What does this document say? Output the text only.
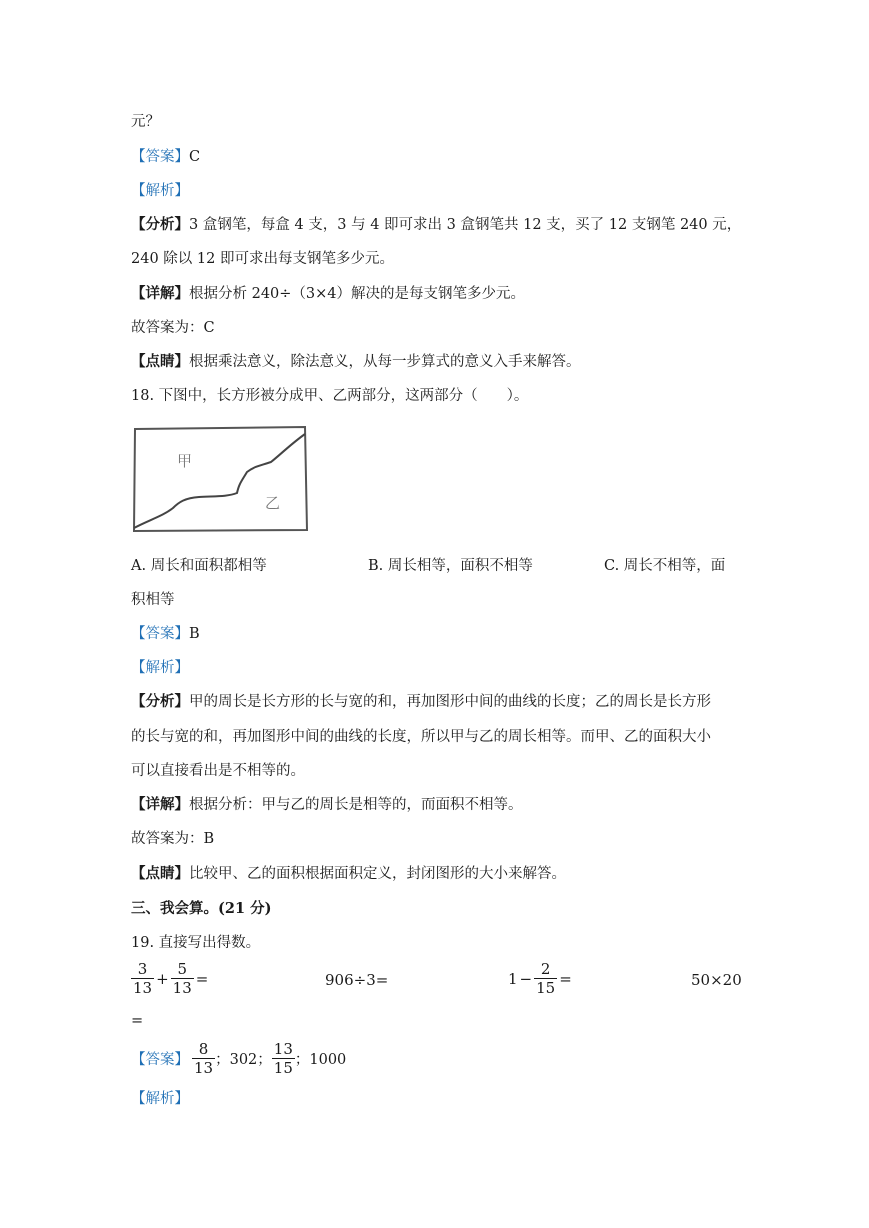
元？
【答案】C
【解析】
【分析】3 盒钢笔，每盒 4 支，3 与 4 即可求出 3 盒钢笔共 12 支，买了 12 支钢笔 240 元，
240 除以 12 即可求出每支钢笔多少元。
【详解】根据分析 240÷（3×4）解决的是每支钢笔多少元。
故答案为：C
【点睛】根据乘法意义，除法意义，从每一步算式的意义入手来解答。
18. 下图中，长方形被分成甲、乙两部分，这两部分（　　）。
甲
乙
A. 周长和面积都相等	B. 周长相等，面积不相等	C. 周长不相等，面
积相等
【答案】B
【解析】
【分析】甲的周长是长方形的长与宽的和，再加图形中间的曲线的长度；乙的周长是长方形
的长与宽的和，再加图形中间的曲线的长度，所以甲与乙的周长相等。而甲、乙的面积大小
可以直接看出是不相等的。
【详解】根据分析：甲与乙的周长是相等的，而面积不相等。
故答案为：B
【点睛】比较甲、乙的面积根据面积定义，封闭图形的大小来解答。
三、我会算。(21 分)
19. 直接写出得数。
$\frac{3}{13} + \frac{5}{13}$ =	906÷3=	$1 - \frac{2}{15}$ =	50×20
=
【答案】 $\frac{8}{13}$ ；302； $\frac{13}{15}$ ；1000
【解析】
